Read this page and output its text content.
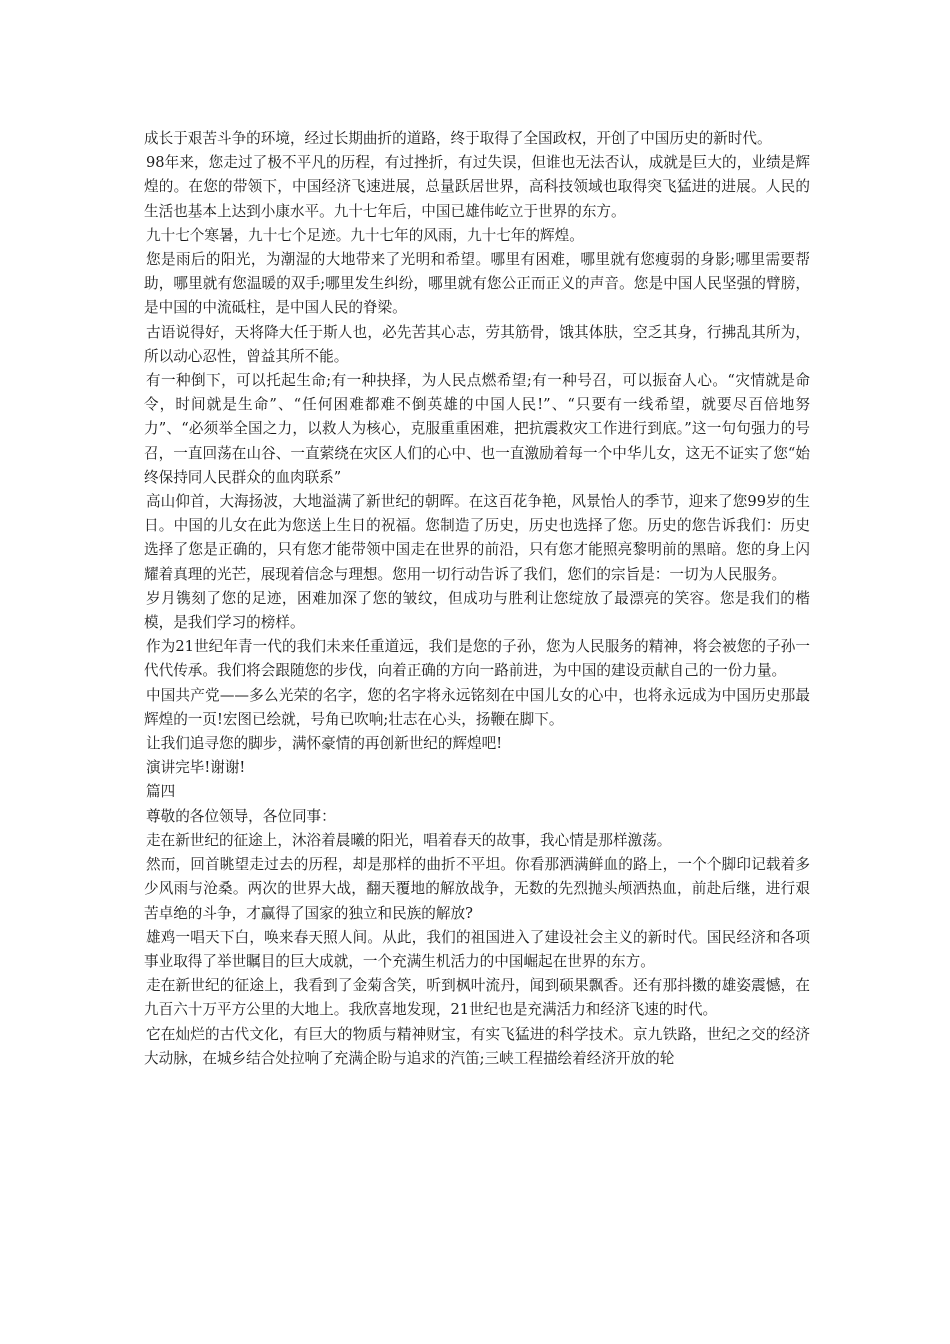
成长于艰苦斗争的环境，经过长期曲折的道路，终于取得了全国政权，开创了中国历史的新时代。

98年来，您走过了极不平凡的历程，有过挫折，有过失误，但谁也无法否认，成就是巨大的，业绩是辉煌的。在您的带领下，中国经济飞速进展，总量跃居世界，高科技领域也取得突飞猛进的进展。人民的生活也基本上达到小康水平。九十七年后，中国已雄伟屹立于世界的东方。

九十七个寒暑，九十七个足迹。九十七年的风雨，九十七年的辉煌。

您是雨后的阳光，为潮湿的大地带来了光明和希望。哪里有困难，哪里就有您瘦弱的身影;哪里需要帮助，哪里就有您温暖的双手;哪里发生纠纷，哪里就有您公正而正义的声音。您是中国人民坚强的臂膀，是中国的中流砥柱，是中国人民的脊梁。

古语说得好，天将降大任于斯人也，必先苦其心志，劳其筋骨，饿其体肤，空乏其身，行拂乱其所为，所以动心忍性，曾益其所不能。

有一种倒下，可以托起生命;有一种抉择，为人民点燃希望;有一种号召，可以振奋人心。“灾情就是命令，时间就是生命”、“任何困难都难不倒英雄的中国人民!”、“只要有一线希望，就要尽百倍地努力”、“必须举全国之力，以救人为核心，克服重重困难，把抗震救灾工作进行到底。”这一句句强力的号召，一直回荡在山谷、一直萦绕在灾区人们的心中、也一直激励着每一个中华儿女，这无不证实了您“始终保持同人民群众的血肉联系”

高山仰首，大海扬波，大地溢满了新世纪的朝晖。在这百花争艳，风景怡人的季节，迎来了您99岁的生日。中国的儿女在此为您送上生日的祝福。您制造了历史，历史也选择了您。历史的您告诉我们：历史选择了您是正确的，只有您才能带领中国走在世界的前沿，只有您才能照亮黎明前的黑暗。您的身上闪耀着真理的光芒，展现着信念与理想。您用一切行动告诉了我们，您们的宗旨是：一切为人民服务。

岁月镌刻了您的足迹，困难加深了您的皱纹，但成功与胜利让您绽放了最漂亮的笑容。您是我们的楷模，是我们学习的榜样。

作为21世纪年青一代的我们未来任重道远，我们是您的子孙，您为人民服务的精神，将会被您的子孙一代代传承。我们将会跟随您的步伐，向着正确的方向一路前进，为中国的建设贡献自己的一份力量。

中国共产党——多么光荣的名字，您的名字将永远铭刻在中国儿女的心中，也将永远成为中国历史那最辉煌的一页!宏图已绘就，号角已吹响;壮志在心头，扬鞭在脚下。

让我们追寻您的脚步，满怀豪情的再创新世纪的辉煌吧!

演讲完毕!谢谢!

篇四

尊敬的各位领导，各位同事：

走在新世纪的征途上，沐浴着晨曦的阳光，唱着春天的故事，我心情是那样激荡。

然而，回首眺望走过去的历程，却是那样的曲折不平坦。你看那洒满鲜血的路上，一个个脚印记载着多少风雨与沧桑。两次的世界大战，翻天覆地的解放战争，无数的先烈抛头颅洒热血，前赴后继，进行艰苦卓绝的斗争，才赢得了国家的独立和民族的解放?

雄鸡一唱天下白，唤来春天照人间。从此，我们的祖国进入了建设社会主义的新时代。国民经济和各项事业取得了举世瞩目的巨大成就，一个充满生机活力的中国崛起在世界的东方。

走在新世纪的征途上，我看到了金菊含笑，听到枫叶流丹，闻到硕果飘香。还有那抖擞的雄姿震憾，在九百六十万平方公里的大地上。我欣喜地发现，21世纪也是充满活力和经济飞速的时代。

它在灿烂的古代文化，有巨大的物质与精神财宝，有实飞猛进的科学技术。京九铁路，世纪之交的经济大动脉，在城乡结合处拉响了充满企盼与追求的汽笛;三峡工程描绘着经济开放的轮
